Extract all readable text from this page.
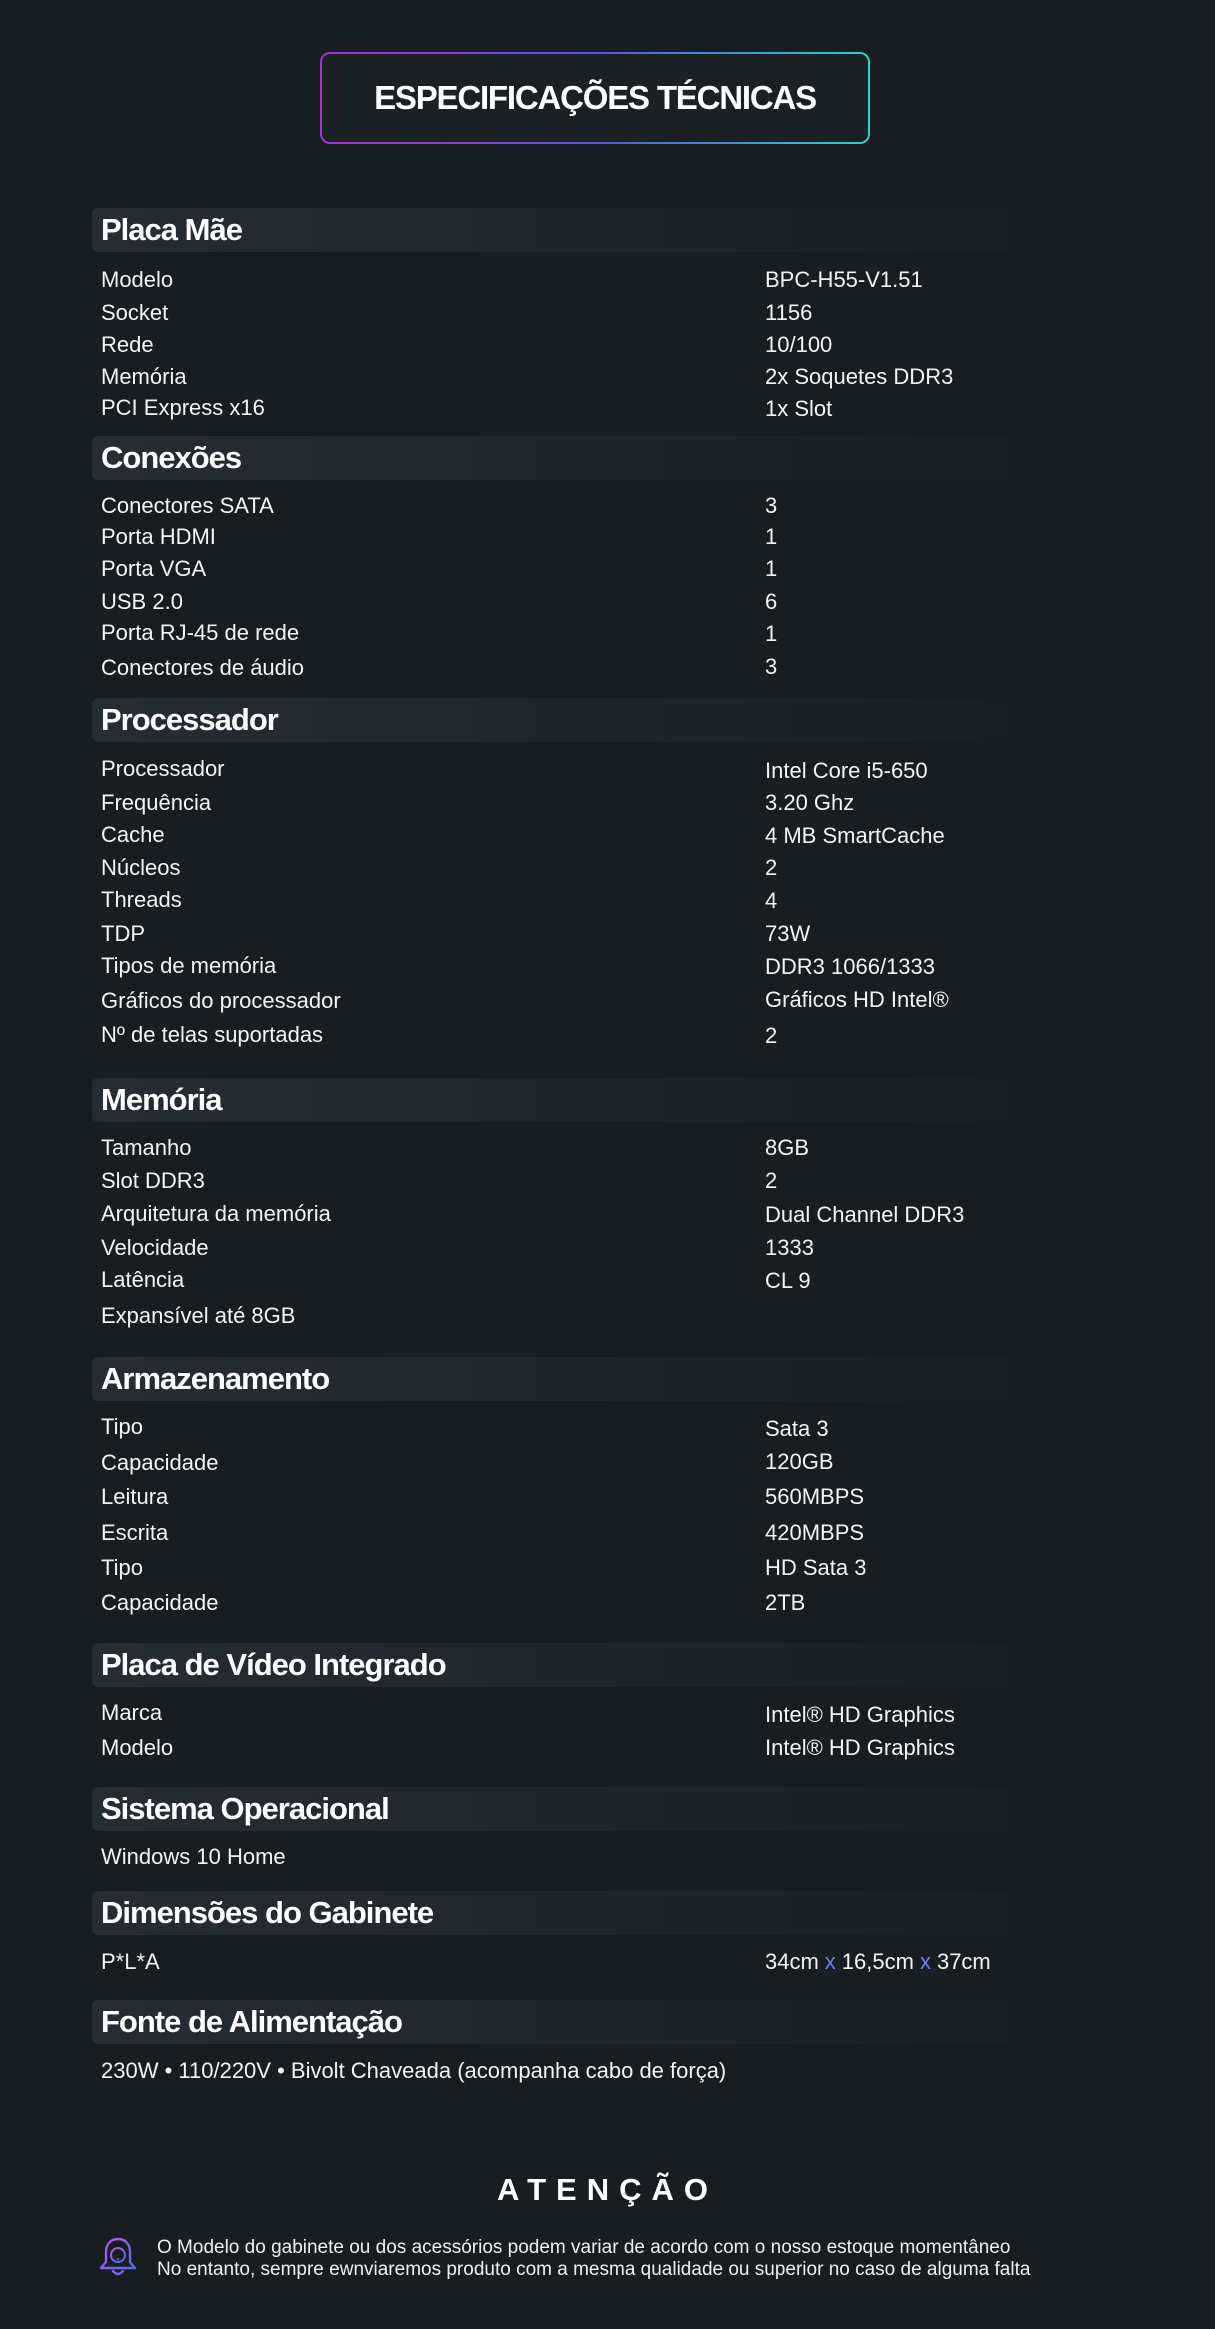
ESPECIFICAÇÕES TÉCNICAS
Placa Mãe
Modelo	BPC-H55-V1.51
Socket	1156
Rede	10/100
Memória	2x Soquetes DDR3
PCI Express x16	1x Slot
Conexões
Conectores SATA	3
Porta HDMI	1
Porta VGA	1
USB 2.0	6
Porta RJ-45 de rede	1
Conectores de áudio	3
Processador
Processador	Intel Core i5-650
Frequência	3.20 Ghz
Cache	4 MB SmartCache
Núcleos	2
Threads	4
TDP	73W
Tipos de memória	DDR3 1066/1333
Gráficos do processador	Gráficos HD Intel®
Nº de telas suportadas	2
Memória
Tamanho	8GB
Slot DDR3	2
Arquitetura da memória	Dual Channel DDR3
Velocidade	1333
Latência	CL 9
Expansível até 8GB
Armazenamento
Tipo	Sata 3
Capacidade	120GB
Leitura	560MBPS
Escrita	420MBPS
Tipo	HD Sata 3
Capacidade	2TB
Placa de Vídeo Integrado
Marca	Intel® HD Graphics
Modelo	Intel® HD Graphics
Sistema Operacional
Windows 10 Home
Dimensões do Gabinete
P*L*A	34cm x 16,5cm x 37cm
Fonte de Alimentação
230W • 110/220V • Bivolt Chaveada (acompanha cabo de força)
ATENÇÃO
O Modelo do gabinete ou dos acessórios podem variar de acordo com o nosso estoque momentâneo
No entanto, sempre ewnviaremos produto com a mesma qualidade ou superior no caso de alguma falta
